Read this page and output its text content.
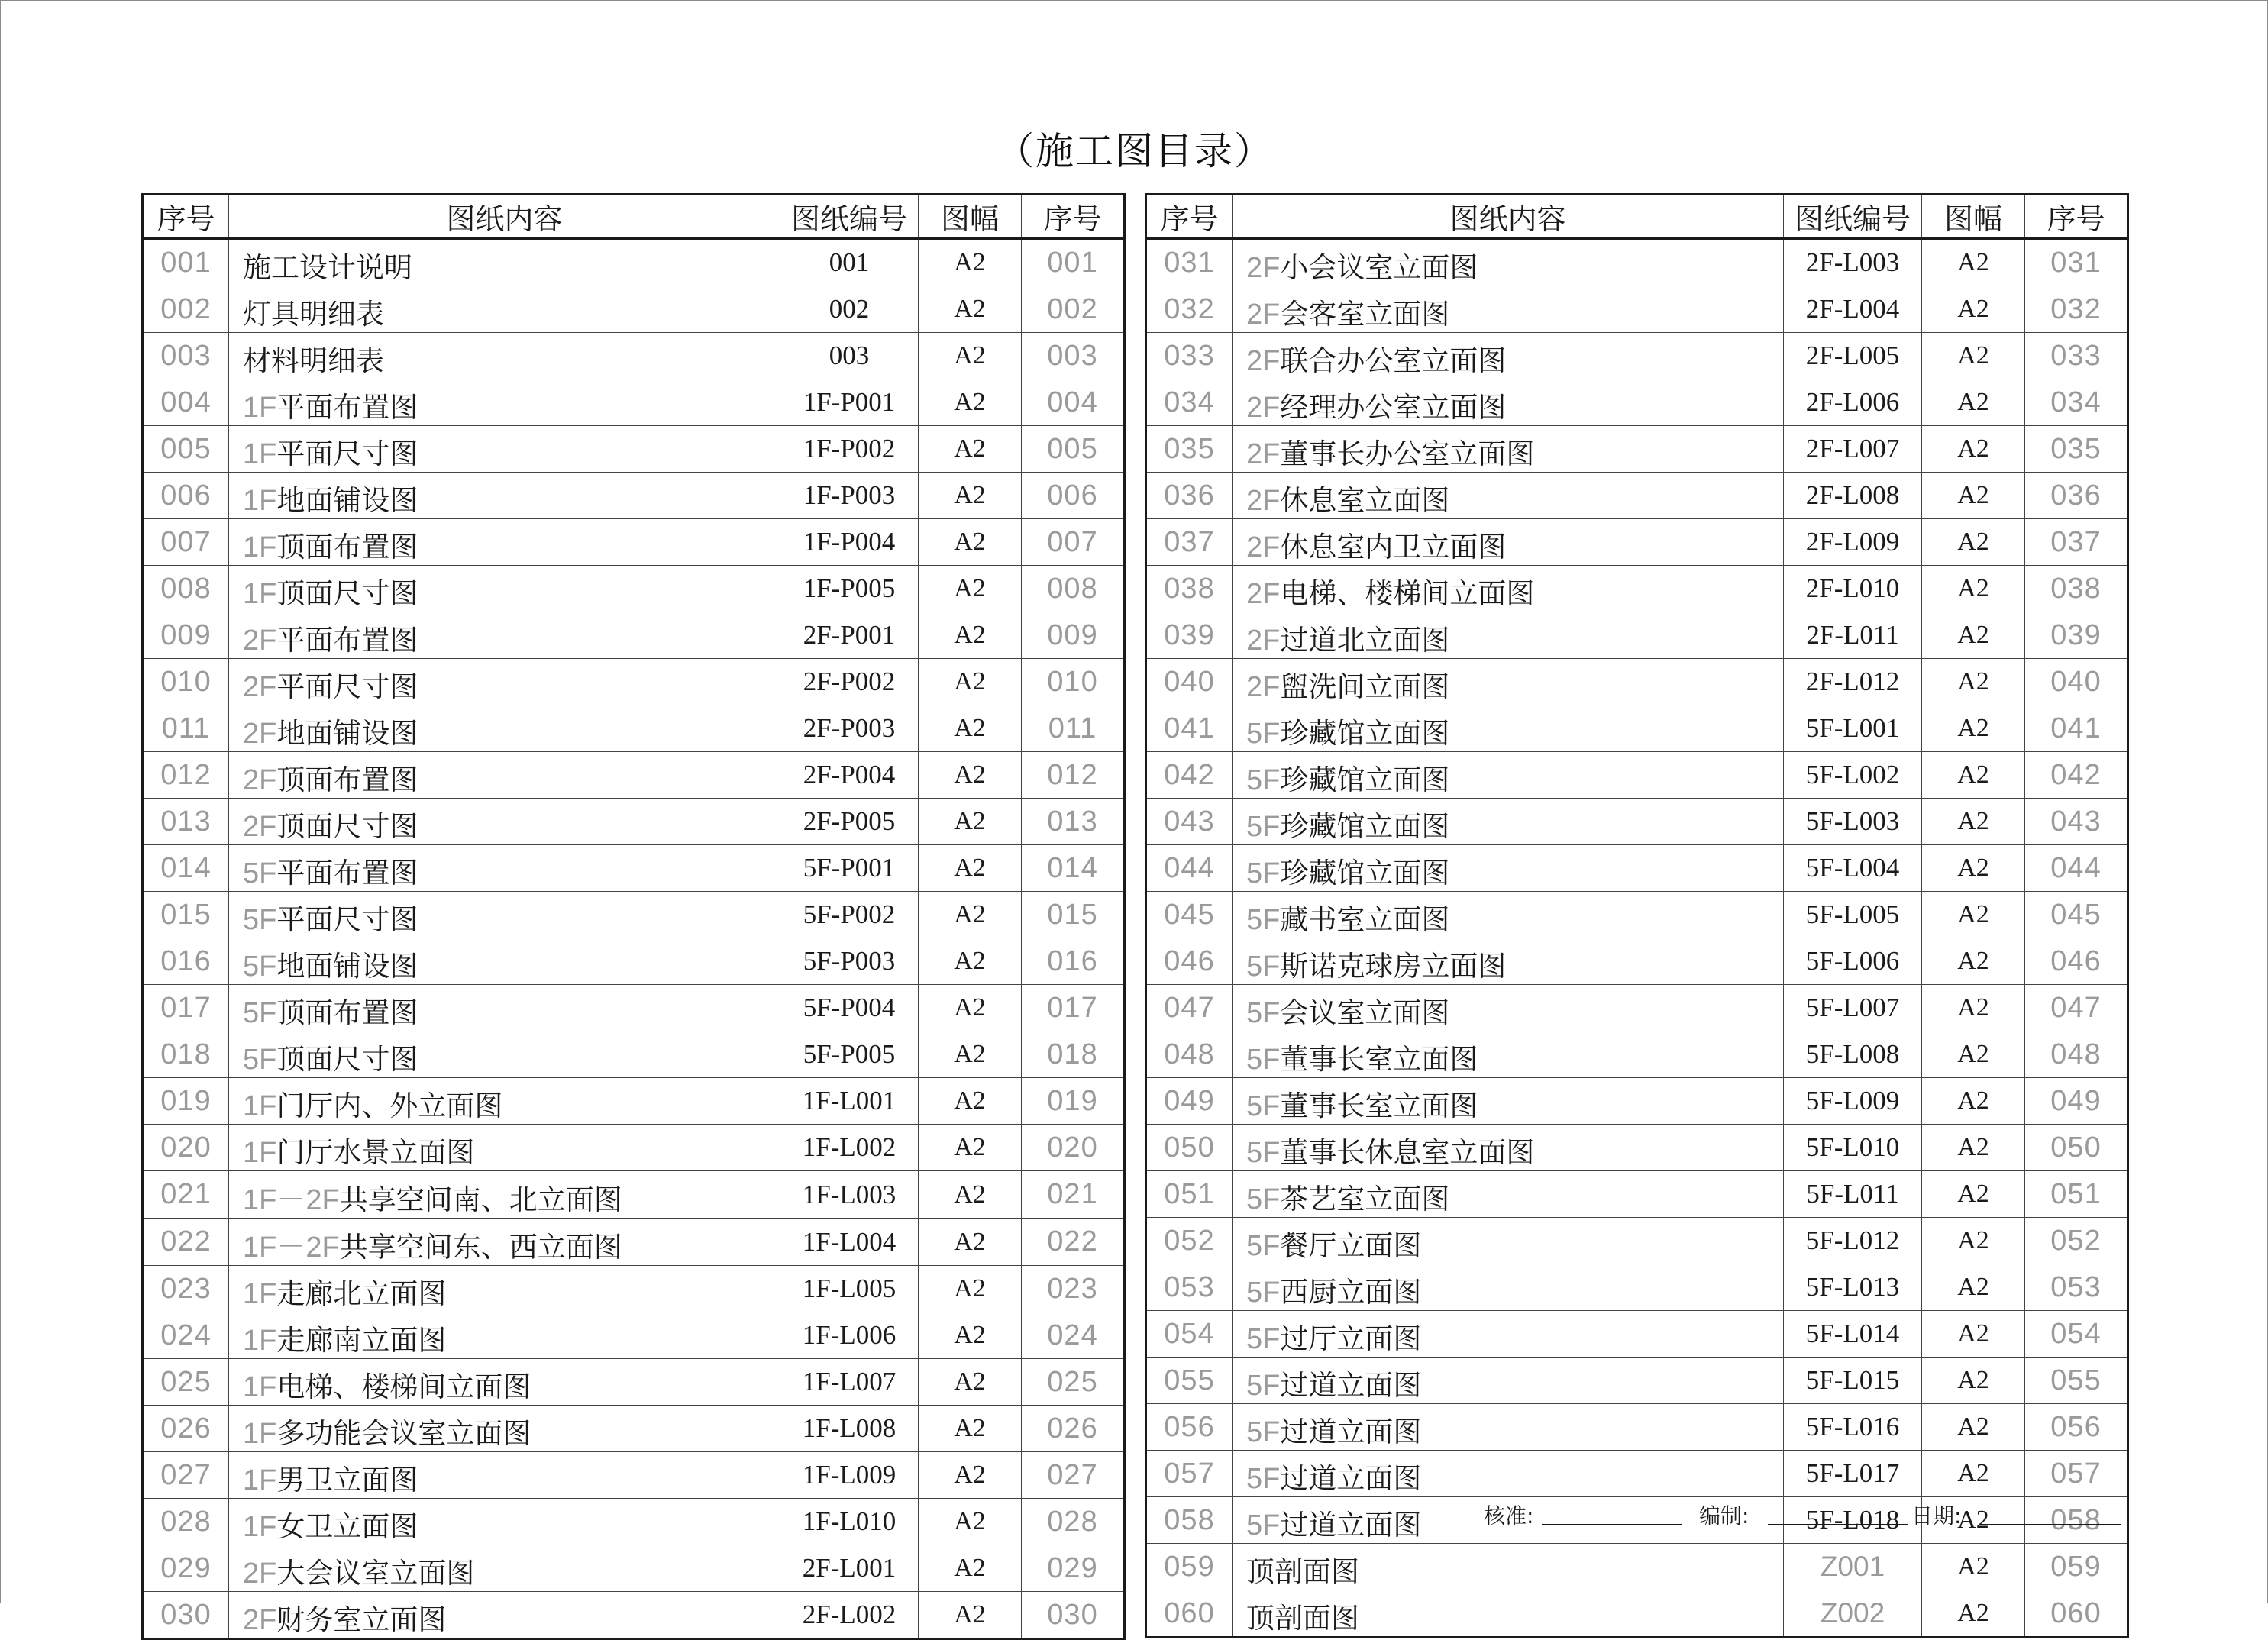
（施工图目录）
序号	图纸内容	图纸编号	图幅	序号
001	施工设计说明	001	A2	001
002	灯具明细表	002	A2	002
003	材料明细表	003	A2	003
004	1F平面布置图	1F-P001	A2	004
005	1F平面尺寸图	1F-P002	A2	005
006	1F地面铺设图	1F-P003	A2	006
007	1F顶面布置图	1F-P004	A2	007
008	1F顶面尺寸图	1F-P005	A2	008
009	2F平面布置图	2F-P001	A2	009
010	2F平面尺寸图	2F-P002	A2	010
011	2F地面铺设图	2F-P003	A2	011
012	2F顶面布置图	2F-P004	A2	012
013	2F顶面尺寸图	2F-P005	A2	013
014	5F平面布置图	5F-P001	A2	014
015	5F平面尺寸图	5F-P002	A2	015
016	5F地面铺设图	5F-P003	A2	016
017	5F顶面布置图	5F-P004	A2	017
018	5F顶面尺寸图	5F-P005	A2	018
019	1F门厅内、外立面图	1F-L001	A2	019
020	1F门厅水景立面图	1F-L002	A2	020
021	1F－2F共享空间南、北立面图	1F-L003	A2	021
022	1F－2F共享空间东、西立面图	1F-L004	A2	022
023	1F走廊北立面图	1F-L005	A2	023
024	1F走廊南立面图	1F-L006	A2	024
025	1F电梯、楼梯间立面图	1F-L007	A2	025
026	1F多功能会议室立面图	1F-L008	A2	026
027	1F男卫立面图	1F-L009	A2	027
028	1F女卫立面图	1F-L010	A2	028
029	2F大会议室立面图	2F-L001	A2	029
030	2F财务室立面图	2F-L002	A2	030
序号	图纸内容	图纸编号	图幅	序号
031	2F小会议室立面图	2F-L003	A2	031
032	2F会客室立面图	2F-L004	A2	032
033	2F联合办公室立面图	2F-L005	A2	033
034	2F经理办公室立面图	2F-L006	A2	034
035	2F董事长办公室立面图	2F-L007	A2	035
036	2F休息室立面图	2F-L008	A2	036
037	2F休息室内卫立面图	2F-L009	A2	037
038	2F电梯、楼梯间立面图	2F-L010	A2	038
039	2F过道北立面图	2F-L011	A2	039
040	2F盥洗间立面图	2F-L012	A2	040
041	5F珍藏馆立面图	5F-L001	A2	041
042	5F珍藏馆立面图	5F-L002	A2	042
043	5F珍藏馆立面图	5F-L003	A2	043
044	5F珍藏馆立面图	5F-L004	A2	044
045	5F藏书室立面图	5F-L005	A2	045
046	5F斯诺克球房立面图	5F-L006	A2	046
047	5F会议室立面图	5F-L007	A2	047
048	5F董事长室立面图	5F-L008	A2	048
049	5F董事长室立面图	5F-L009	A2	049
050	5F董事长休息室立面图	5F-L010	A2	050
051	5F茶艺室立面图	5F-L011	A2	051
052	5F餐厅立面图	5F-L012	A2	052
053	5F西厨立面图	5F-L013	A2	053
054	5F过厅立面图	5F-L014	A2	054
055	5F过道立面图	5F-L015	A2	055
056	5F过道立面图	5F-L016	A2	056
057	5F过道立面图	5F-L017	A2	057
058	5F过道立面图	5F-L018	A2	058
059	顶剖面图	Z001	A2	059
060	顶剖面图	Z002	A2	060
核准:	编制:	日期:
